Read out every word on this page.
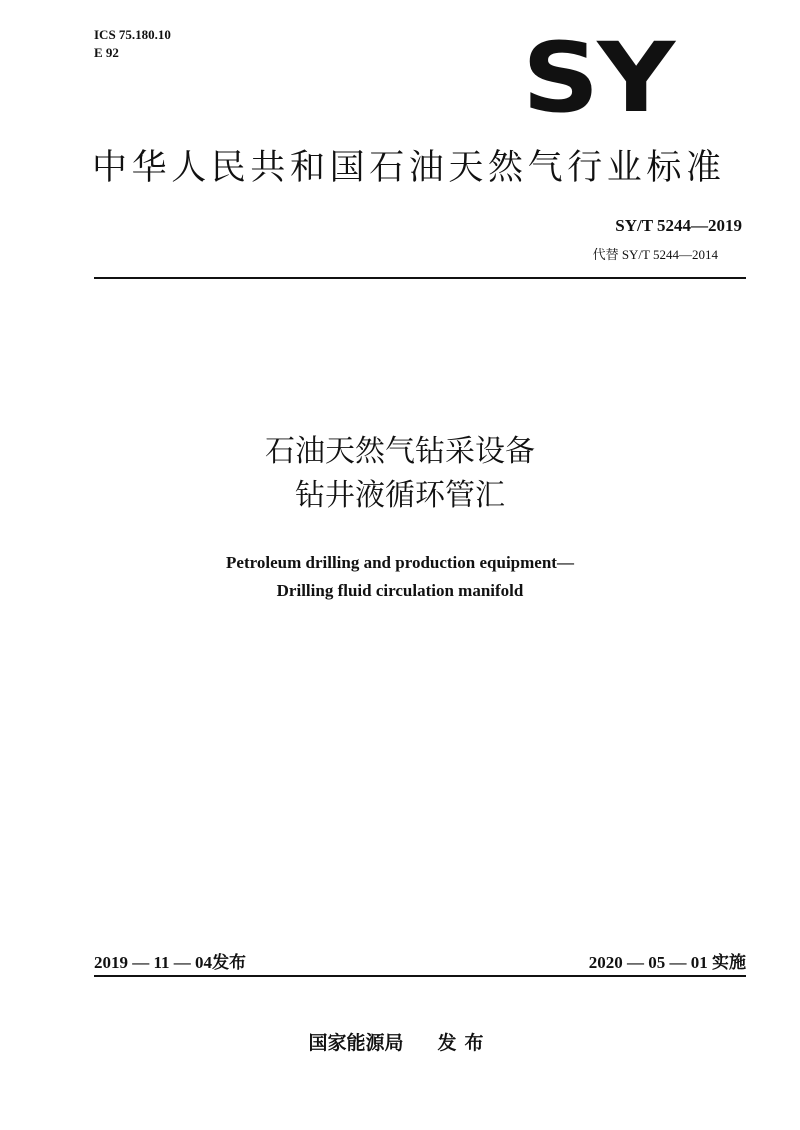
ICS 75.180.10
E 92	SY
中华人民共和国石油天然气行业标准
SY/T 5244—2019
代替 SY/T 5244—2014
石油天然气钻采设备
钻井液循环管汇
Petroleum drilling and production equipment—
Drilling fluid circulation manifold
2019 — 11 — 04发布	2020 — 05 — 01 实施
国家能源局 发布
